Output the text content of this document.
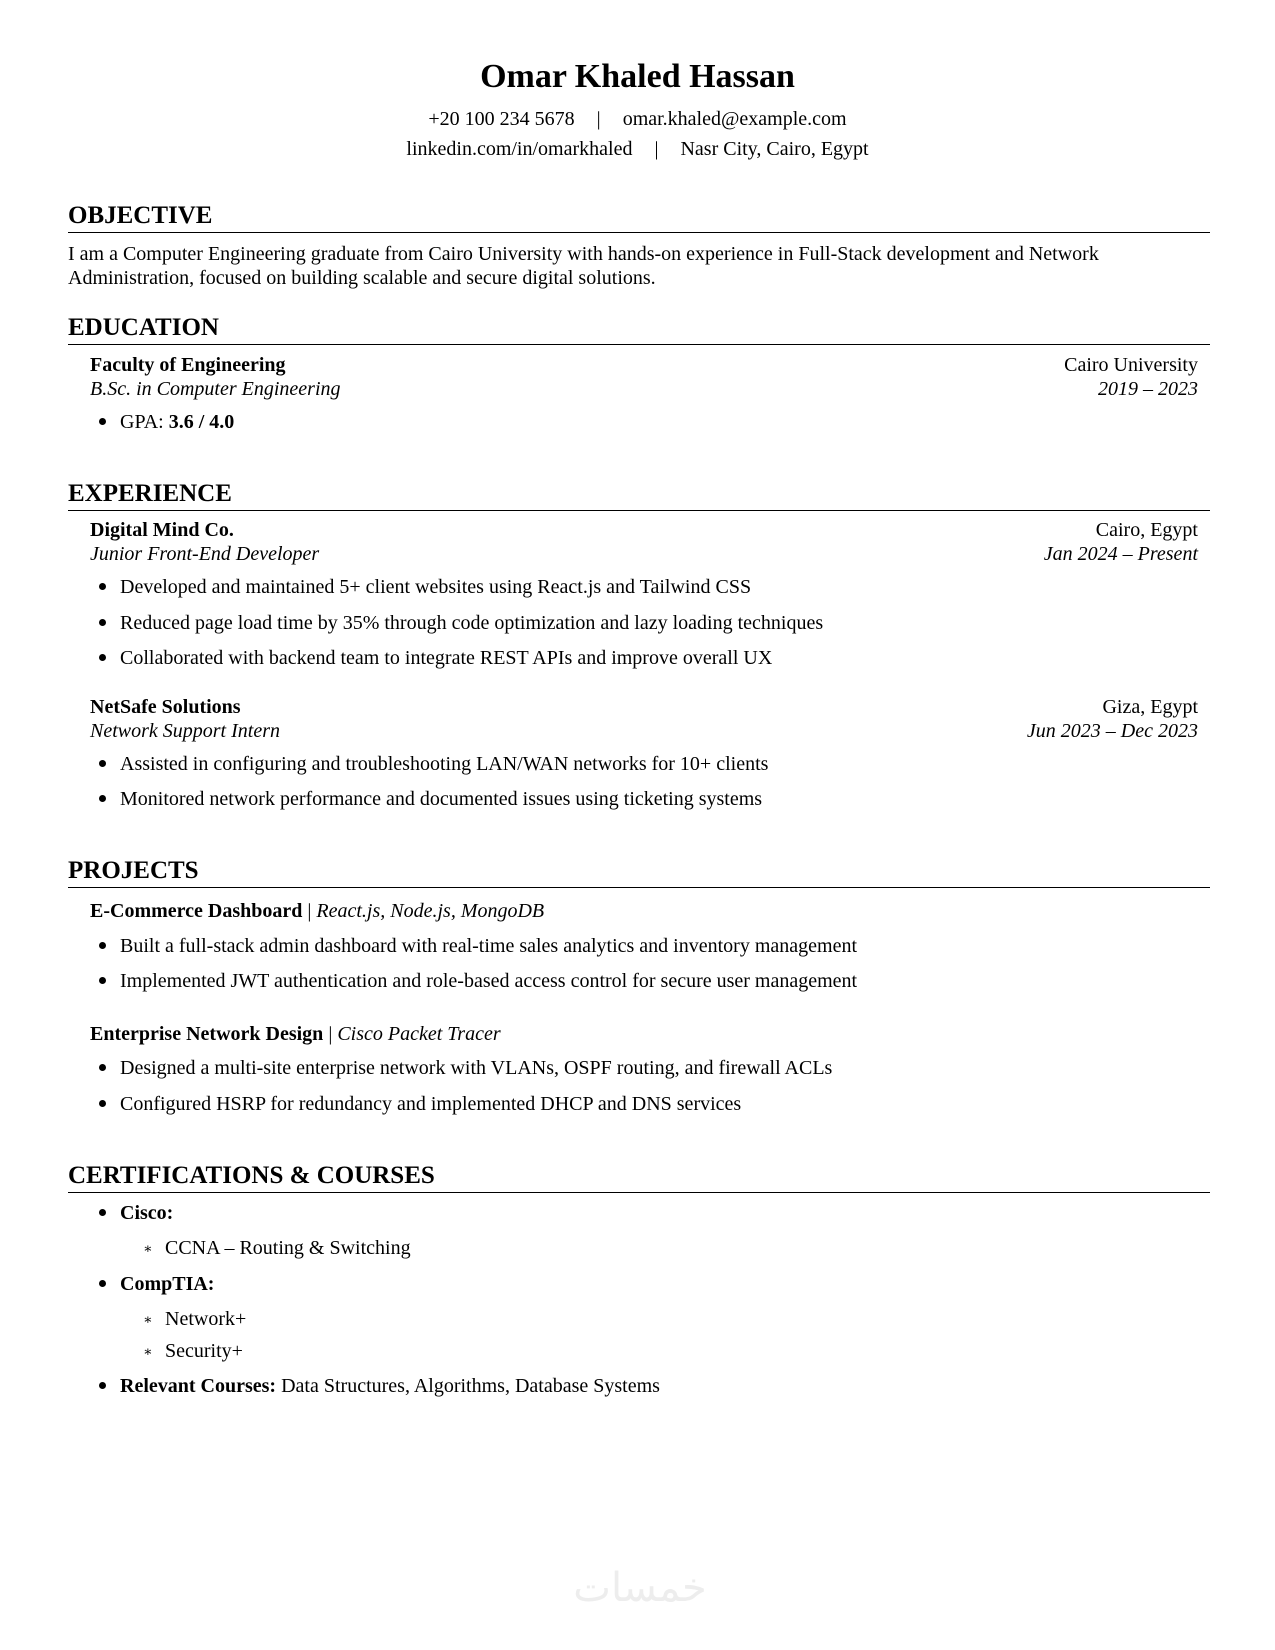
Omar Khaled Hassan
+20 100 234 5678 | omar.khaled@example.com
linkedin.com/in/omarkhaled | Nasr City, Cairo, Egypt
OBJECTIVE
I am a Computer Engineering graduate from Cairo University with hands-on experience in Full-Stack development and Network
Administration, focused on building scalable and secure digital solutions.
EDUCATION
Faculty of Engineering	Cairo University
B.Sc. in Computer Engineering	2019 – 2023
GPA: 3.6 / 4.0
EXPERIENCE
Digital Mind Co.	Cairo, Egypt
Junior Front-End Developer	Jan 2024 – Present
Developed and maintained 5+ client websites using React.js and Tailwind CSS
Reduced page load time by 35% through code optimization and lazy loading techniques
Collaborated with backend team to integrate REST APIs and improve overall UX
NetSafe Solutions	Giza, Egypt
Network Support Intern	Jun 2023 – Dec 2023
Assisted in configuring and troubleshooting LAN/WAN networks for 10+ clients
Monitored network performance and documented issues using ticketing systems
PROJECTS
E-Commerce Dashboard | React.js, Node.js, MongoDB
Built a full-stack admin dashboard with real-time sales analytics and inventory management
Implemented JWT authentication and role-based access control for secure user management
Enterprise Network Design | Cisco Packet Tracer
Designed a multi-site enterprise network with VLANs, OSPF routing, and firewall ACLs
Configured HSRP for redundancy and implemented DHCP and DNS services
CERTIFICATIONS & COURSES
Cisco:
∗ CCNA – Routing & Switching
CompTIA:
∗ Network+
∗ Security+
Relevant Courses: Data Structures, Algorithms, Database Systems
خمسات
